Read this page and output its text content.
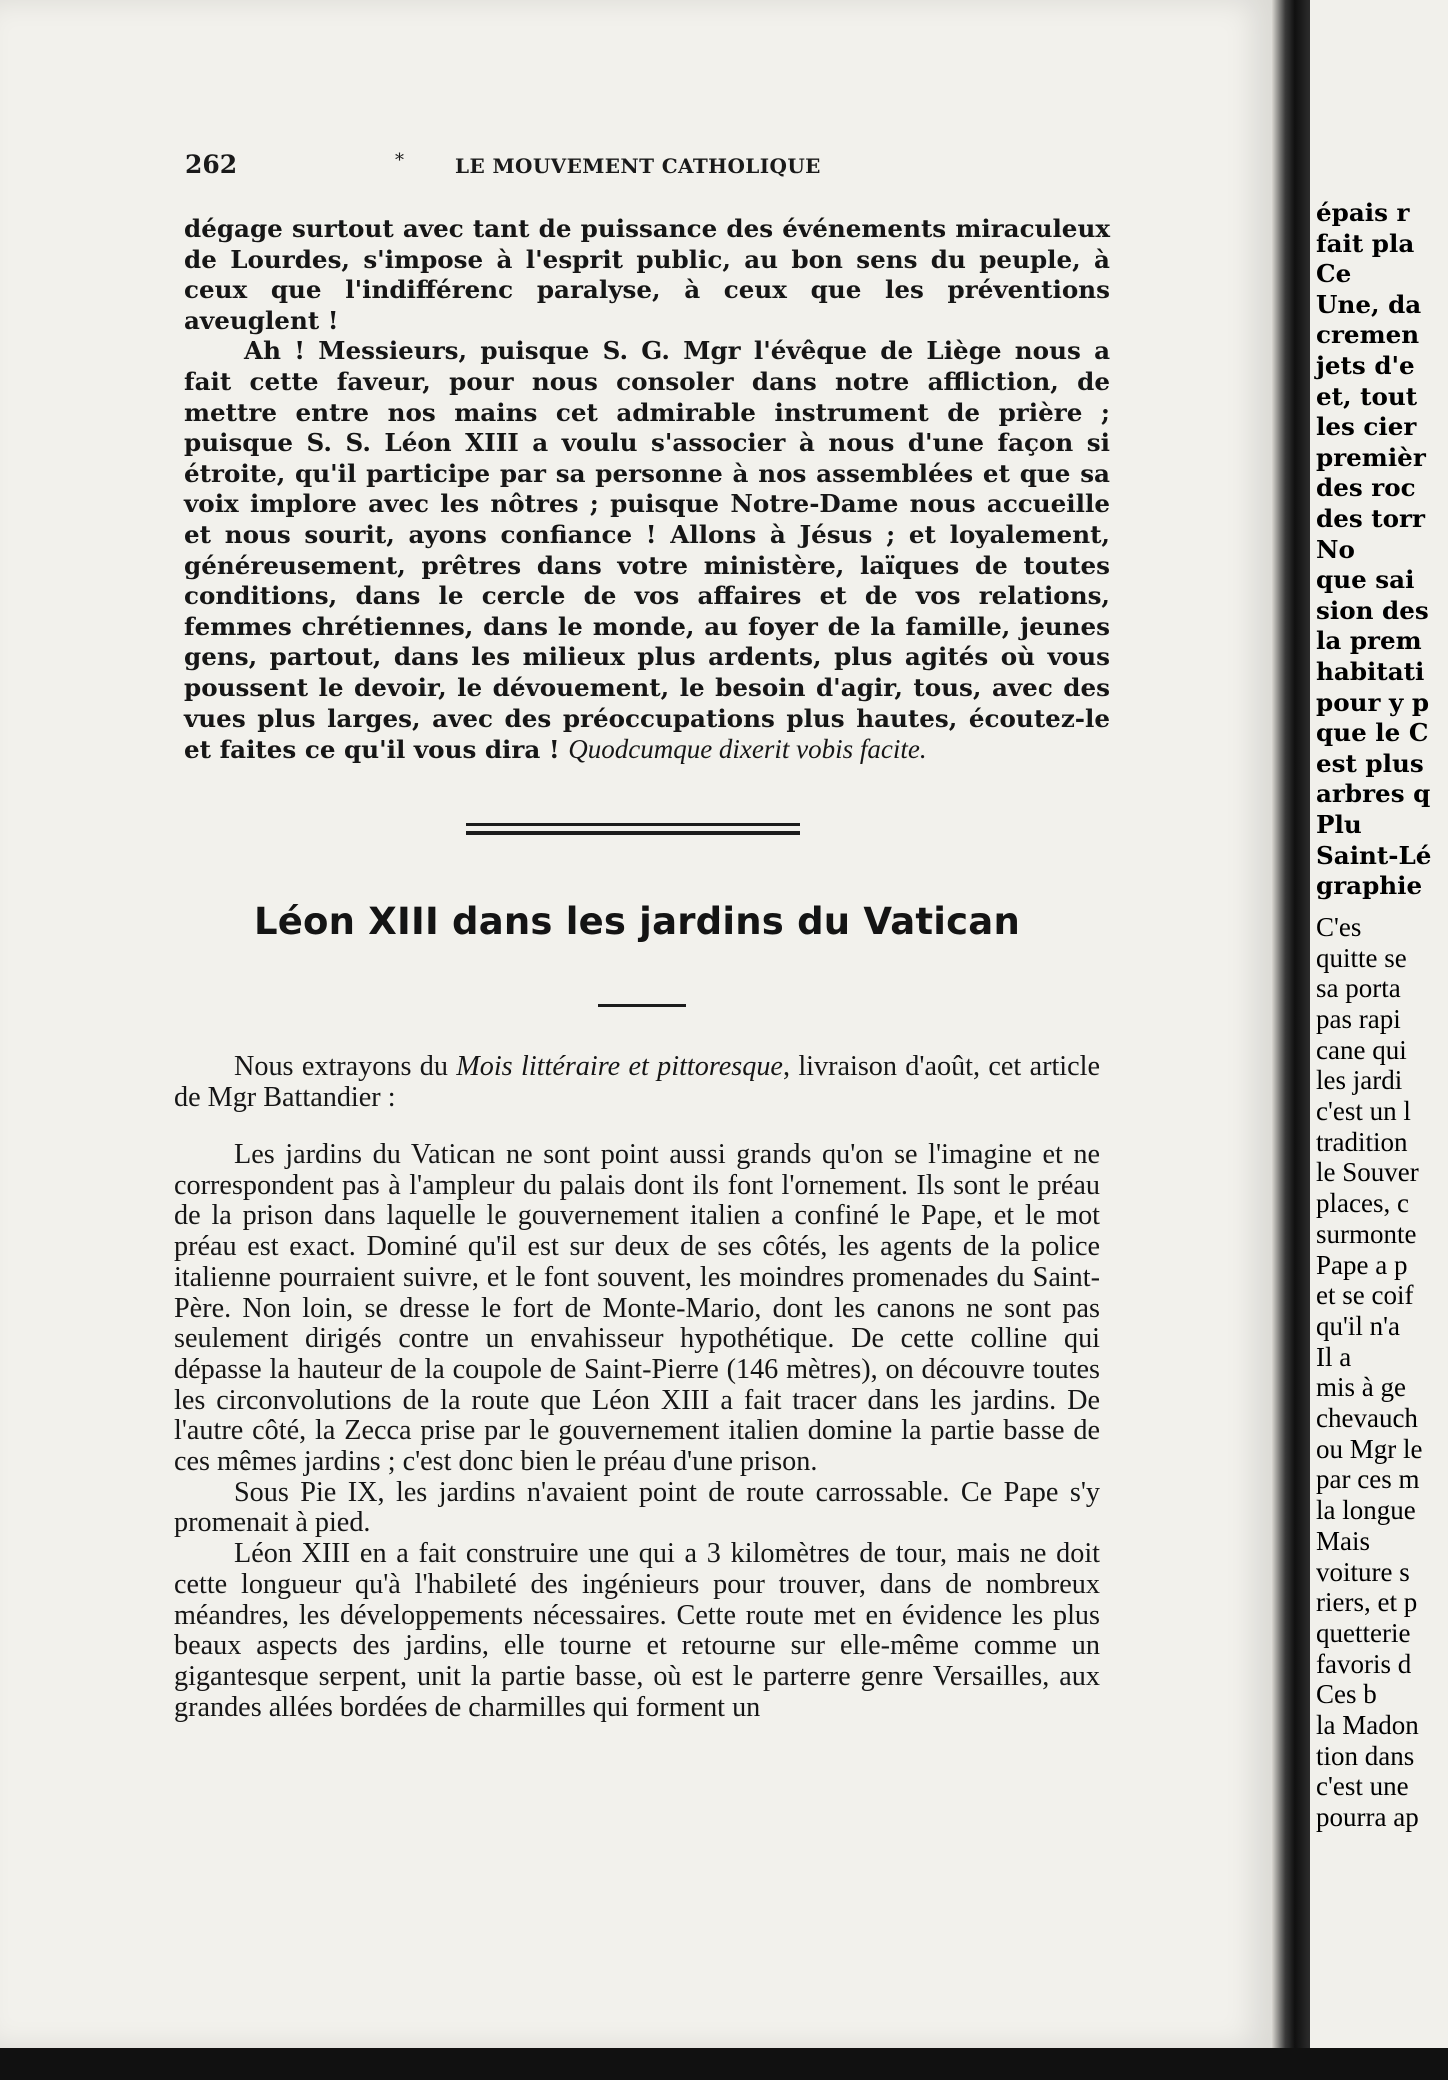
262	*	LE MOUVEMENT CATHOLIQUE

dégage surtout avec tant de puissance des événements miraculeux de Lourdes, s'impose à l'esprit public, au bon sens du peuple, à ceux que l'indifférenc paralyse, à ceux que les préventions aveuglent !

Ah ! Messieurs, puisque S. G. Mgr l'évêque de Liège nous a fait cette faveur, pour nous consoler dans notre affliction, de mettre entre nos mains cet admirable instrument de prière ; puisque S. S. Léon XIII a voulu s'associer à nous d'une façon si étroite, qu'il participe par sa personne à nos assemblées et que sa voix implore avec les nôtres ; puisque Notre-Dame nous accueille et nous sourit, ayons confiance ! Allons à Jésus ; et loyalement, généreusement, prêtres dans votre ministère, laïques de toutes conditions, dans le cercle de vos affaires et de vos relations, femmes chrétiennes, dans le monde, au foyer de la famille, jeunes gens, partout, dans les milieux plus ardents, plus agités où vous poussent le devoir, le dévouement, le besoin d'agir, tous, avec des vues plus larges, avec des préoccupations plus hautes, écoutez-le et faites ce qu'il vous dira ! Quodcumque dixerit vobis facite.

Léon XIII dans les jardins du Vatican

Nous extrayons du Mois littéraire et pittoresque, livraison d'août, cet article de Mgr Battandier :

Les jardins du Vatican ne sont point aussi grands qu'on se l'imagine et ne correspondent pas à l'ampleur du palais dont ils font l'ornement. Ils sont le préau de la prison dans laquelle le gouvernement italien a confiné le Pape, et le mot préau est exact. Dominé qu'il est sur deux de ses côtés, les agents de la police italienne pourraient suivre, et le font souvent, les moindres promenades du Saint-Père. Non loin, se dresse le fort de Monte-Mario, dont les canons ne sont pas seulement dirigés contre un envahisseur hypothétique. De cette colline qui dépasse la hauteur de la coupole de Saint-Pierre (146 mètres), on découvre toutes les circonvolutions de la route que Léon XIII a fait tracer dans les jardins. De l'autre côté, la Zecca prise par le gouvernement italien domine la partie basse de ces mêmes jardins ; c'est donc bien le préau d'une prison.

Sous Pie IX, les jardins n'avaient point de route carrossable. Ce Pape s'y promenait à pied.

Léon XIII en a fait construire une qui a 3 kilomètres de tour, mais ne doit cette longueur qu'à l'habileté des ingénieurs pour trouver, dans de nombreux méandres, les développements nécessaires. Cette route met en évidence les plus beaux aspects des jardins, elle tourne et retourne sur elle-même comme un gigantesque serpent, unit la partie basse, où est le parterre genre Versailles, aux grandes allées bordées de charmilles qui forment un

épais r
fait pla
Ce
Une, da
cremen
jets d'e
et, tout
les cier
premièr
des roc
des torr
No
que sai
sion des
la prem
habitati
pour y p
que le C
est plus
arbres q
Plu
Saint-Lé
graphie
C'es
quitte se
sa porta
pas rapi
cane qui
les jardi
c'est un l
tradition
le Souver
places, c
surmonte
Pape a p
et se coif
qu'il n'a
Il a
mis à ge
chevauch
ou Mgr le
par ces m
la longue
Mais
voiture s
riers, et p
quetterie
favoris d
Ces b
la Madon
tion dans
c'est une
pourra ap
